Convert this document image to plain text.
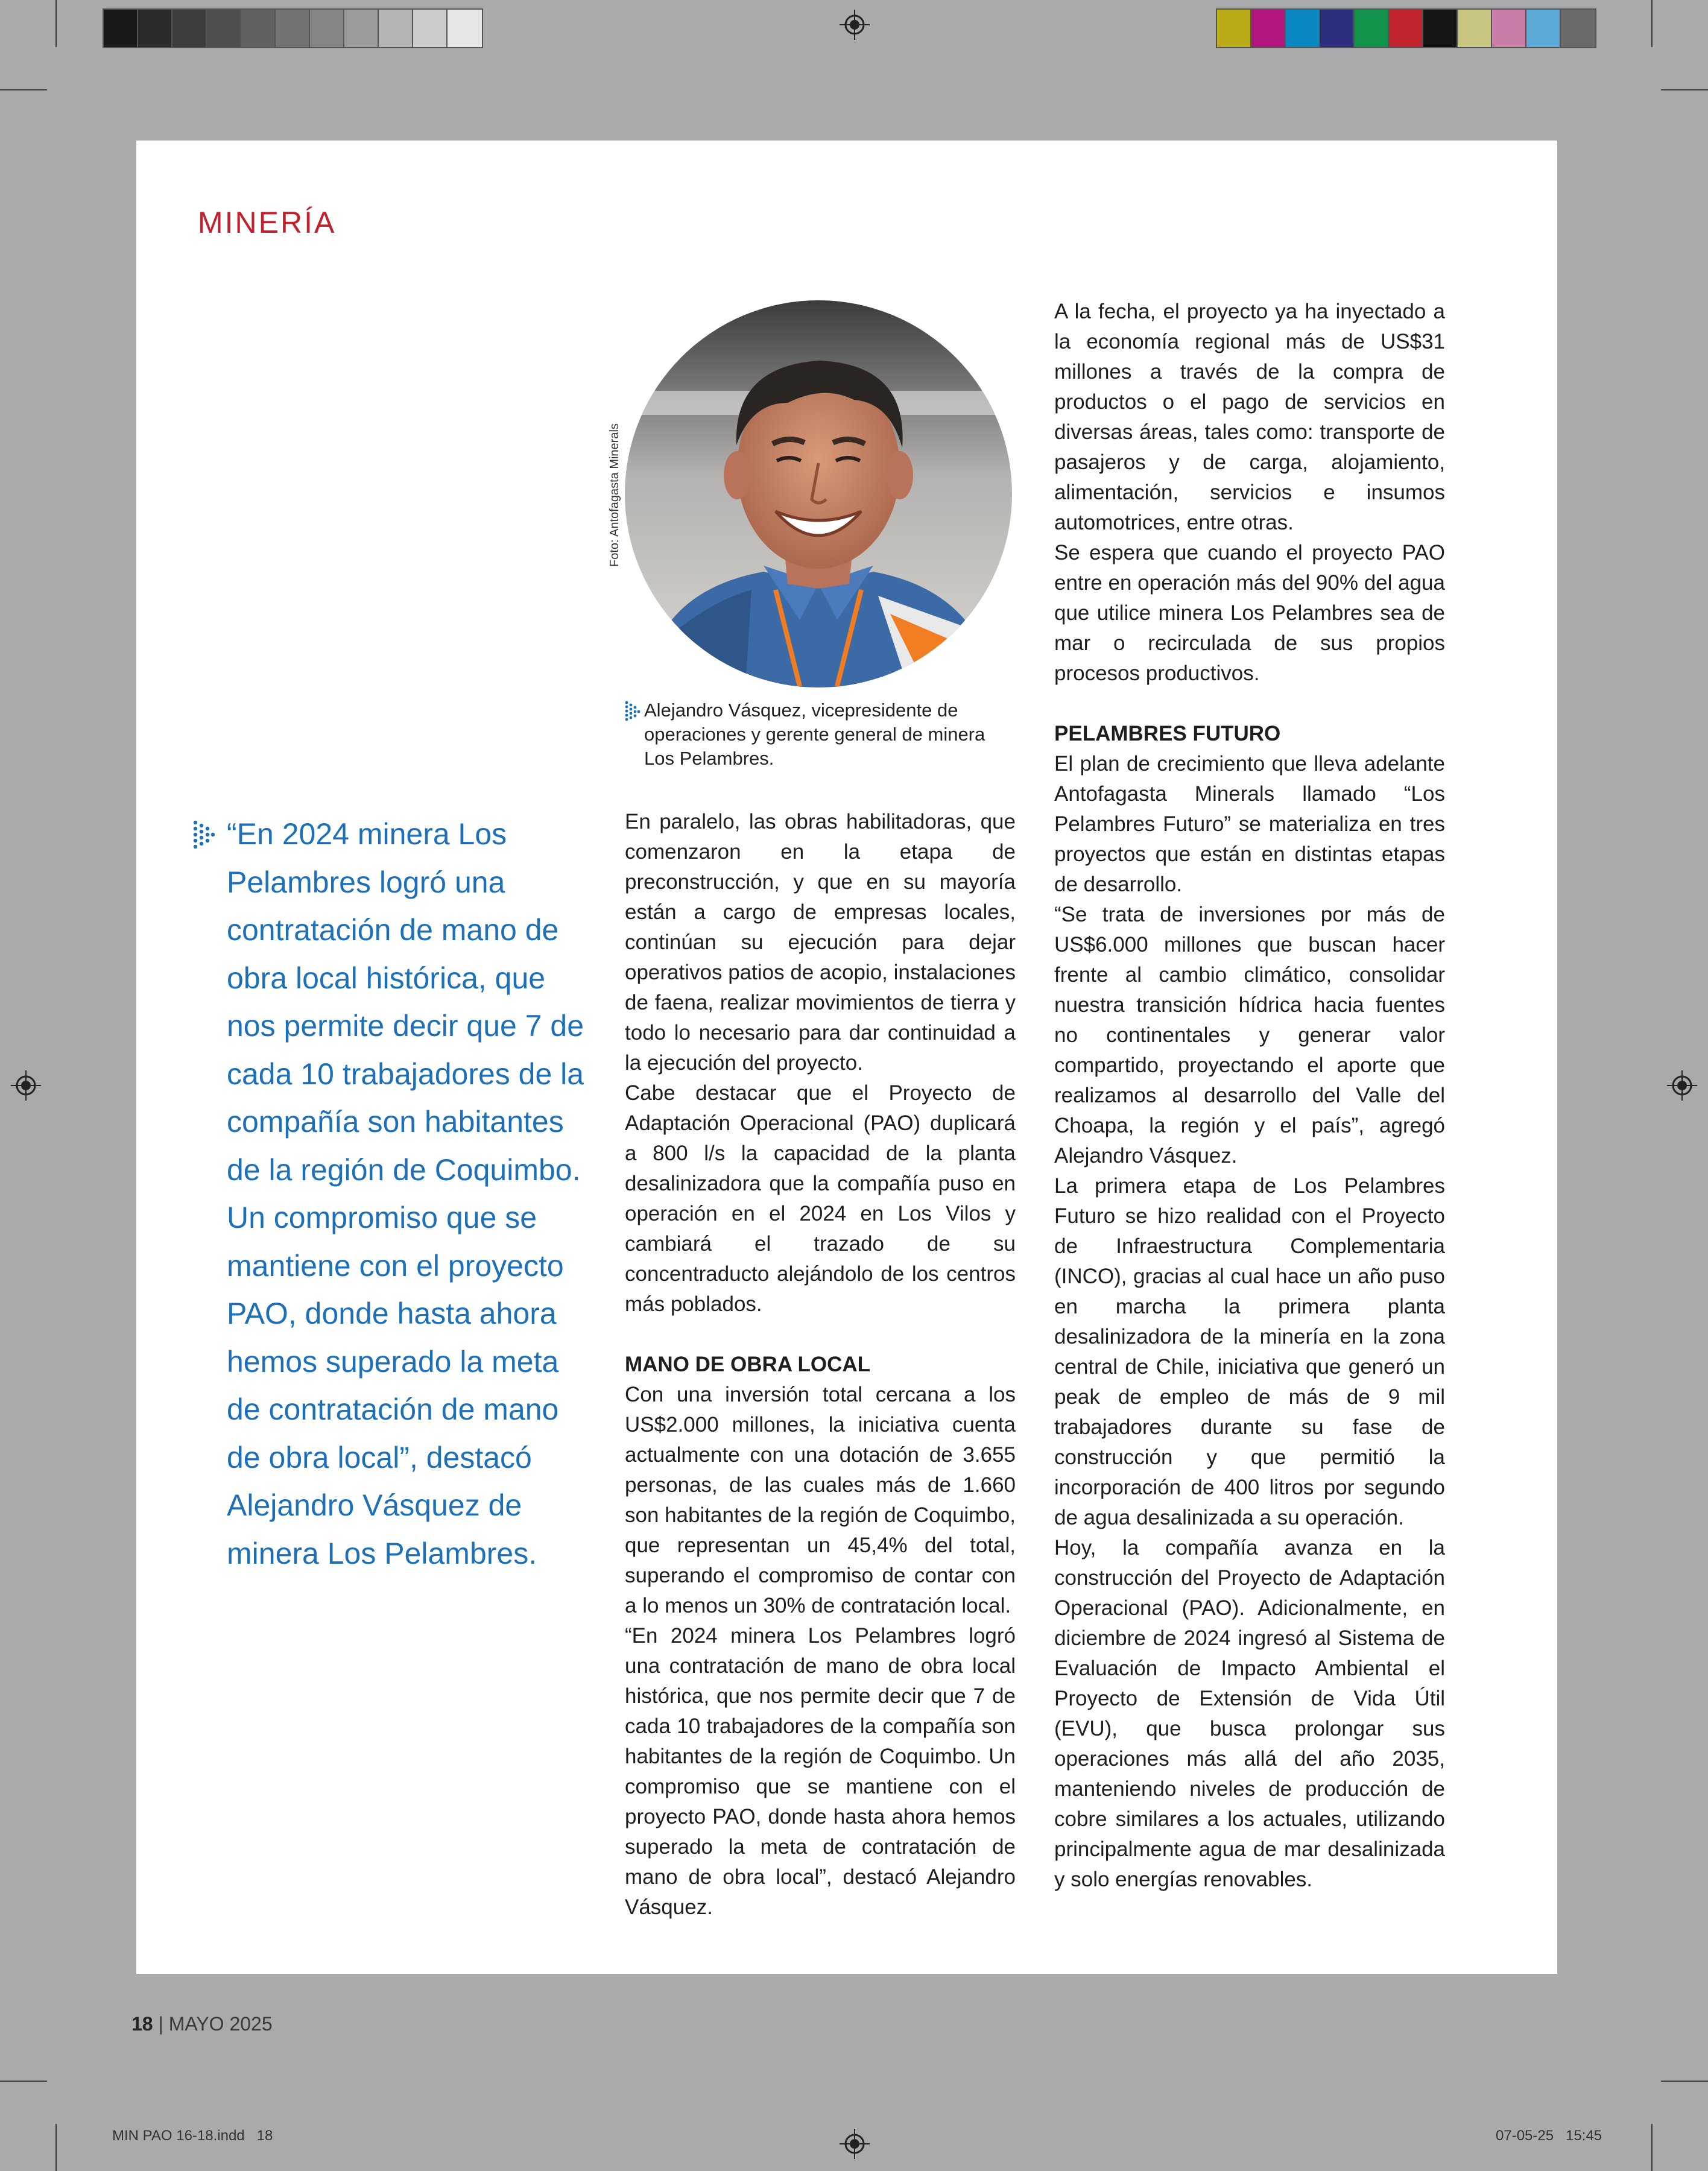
MINERÍA

“En 2024 minera Los Pelambres logró una contratación de mano de obra local histórica, que nos permite decir que 7 de cada 10 trabajadores de la compañía son habitantes de la región de Coquimbo. Un compromiso que se mantiene con el proyecto PAO, donde hasta ahora hemos superado la meta de contratación de mano de obra local”, destacó Alejandro Vásquez de minera Los Pelambres.

Foto: Antofagasta Minerals

Alejandro Vásquez, vicepresidente de operaciones y gerente general de minera Los Pelambres.

En paralelo, las obras habilitadoras, que comenzaron en la etapa de preconstrucción, y que en su mayoría están a cargo de empresas locales, continúan su ejecución para dejar operativos patios de acopio, instalaciones de faena, realizar movimientos de tierra y todo lo necesario para dar continuidad a la ejecución del proyecto.

Cabe destacar que el Proyecto de Adaptación Operacional (PAO) duplicará a 800 l/s la capacidad de la planta desalinizadora que la compañía puso en operación en el 2024 en Los Vilos y cambiará el trazado de su concentraducto alejándolo de los centros más poblados.

MANO DE OBRA LOCAL

Con una inversión total cercana a los US$2.000 millones, la iniciativa cuenta actualmente con una dotación de 3.655 personas, de las cuales más de 1.660 son habitantes de la región de Coquimbo, que representan un 45,4% del total, superando el compromiso de contar con a lo menos un 30% de contratación local.

“En 2024 minera Los Pelambres logró una contratación de mano de obra local histórica, que nos permite decir que 7 de cada 10 trabajadores de la compañía son habitantes de la región de Coquimbo. Un compromiso que se mantiene con el proyecto PAO, donde hasta ahora hemos superado la meta de contratación de mano de obra local”, destacó Alejandro Vásquez.

A la fecha, el proyecto ya ha inyectado a la economía regional más de US$31 millones a través de la compra de productos o el pago de servicios en diversas áreas, tales como: transporte de pasajeros y de carga, alojamiento, alimentación, servicios e insumos automotrices, entre otras.

Se espera que cuando el proyecto PAO entre en operación más del 90% del agua que utilice minera Los Pelambres sea de mar o recirculada de sus propios procesos productivos.

PELAMBRES FUTURO

El plan de crecimiento que lleva adelante Antofagasta Minerals llamado “Los Pelambres Futuro” se materializa en tres proyectos que están en distintas etapas de desarrollo.

“Se trata de inversiones por más de US$6.000 millones que buscan hacer frente al cambio climático, consolidar nuestra transición hídrica hacia fuentes no continentales y generar valor compartido, proyectando el aporte que realizamos al desarrollo del Valle del Choapa, la región y el país”, agregó Alejandro Vásquez.

La primera etapa de Los Pelambres Futuro se hizo realidad con el Proyecto de Infraestructura Complementaria (INCO), gracias al cual hace un año puso en marcha la primera planta desalinizadora de la minería en la zona central de Chile, iniciativa que generó un peak de empleo de más de 9 mil trabajadores durante su fase de construcción y que permitió la incorporación de 400 litros por segundo de agua desalinizada a su operación.

Hoy, la compañía avanza en la construcción del Proyecto de Adaptación Operacional (PAO). Adicionalmente, en diciembre de 2024 ingresó al Sistema de Evaluación de Impacto Ambiental el Proyecto de Extensión de Vida Útil (EVU), que busca prolongar sus operaciones más allá del año 2035, manteniendo niveles de producción de cobre similares a los actuales, utilizando principalmente agua de mar desalinizada y solo energías renovables.

18 | MAYO 2025

MIN PAO 16-18.indd   18	07-05-25   15:45
